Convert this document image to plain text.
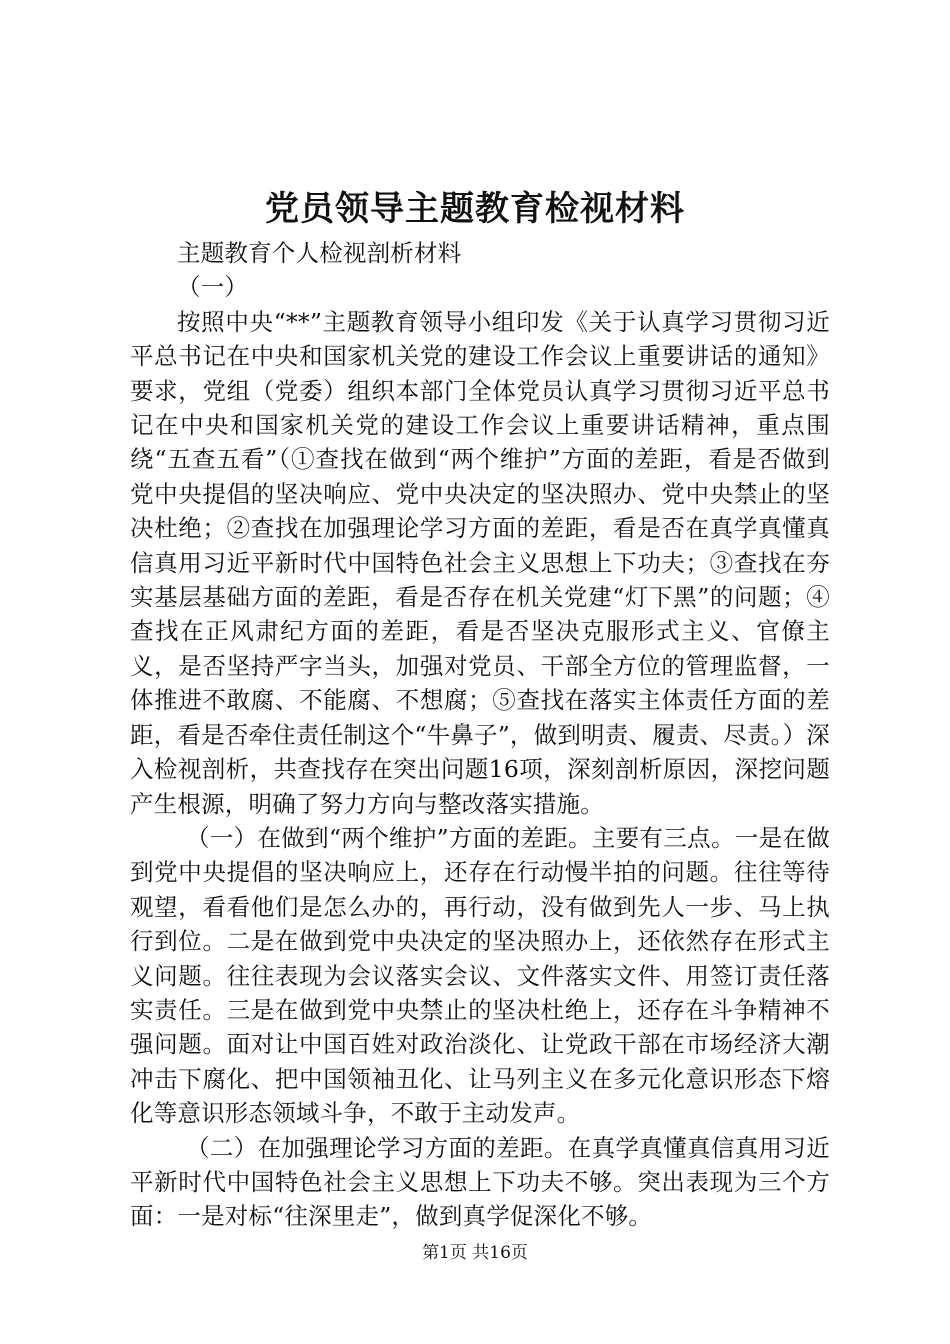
党员领导主题教育检视材料

主题教育个人检视剖析材料

（一）

按照中央“**”主题教育领导小组印发《关于认真学习贯彻习近平总书记在中央和国家机关党的建设工作会议上重要讲话的通知》要求，党组（党委）组织本部门全体党员认真学习贯彻习近平总书记在中央和国家机关党的建设工作会议上重要讲话精神，重点围绕“五查五看”（①查找在做到“两个维护”方面的差距，看是否做到党中央提倡的坚决响应、党中央决定的坚决照办、党中央禁止的坚决杜绝；②查找在加强理论学习方面的差距，看是否在真学真懂真信真用习近平新时代中国特色社会主义思想上下功夫；③查找在夯实基层基础方面的差距，看是否存在机关党建“灯下黑”的问题；④查找在正风肃纪方面的差距，看是否坚决克服形式主义、官僚主义，是否坚持严字当头，加强对党员、干部全方位的管理监督，一体推进不敢腐、不能腐、不想腐；⑤查找在落实主体责任方面的差距，看是否牵住责任制这个“牛鼻子”，做到明责、履责、尽责。）深入检视剖析，共查找存在突出问题16项，深刻剖析原因，深挖问题产生根源，明确了努力方向与整改落实措施。

（一）在做到“两个维护”方面的差距。主要有三点。一是在做到党中央提倡的坚决响应上，还存在行动慢半拍的问题。往往等待观望，看看他们是怎么办的，再行动，没有做到先人一步、马上执行到位。二是在做到党中央决定的坚决照办上，还依然存在形式主义问题。往往表现为会议落实会议、文件落实文件、用签订责任落实责任。三是在做到党中央禁止的坚决杜绝上，还存在斗争精神不强问题。面对让中国百姓对政治淡化、让党政干部在市场经济大潮冲击下腐化、把中国领袖丑化、让马列主义在多元化意识形态下熔化等意识形态领域斗争，不敢于主动发声。

（二）在加强理论学习方面的差距。在真学真懂真信真用习近平新时代中国特色社会主义思想上下功夫不够。突出表现为三个方面：一是对标“往深里走”，做到真学促深化不够。

第1页 共16页
